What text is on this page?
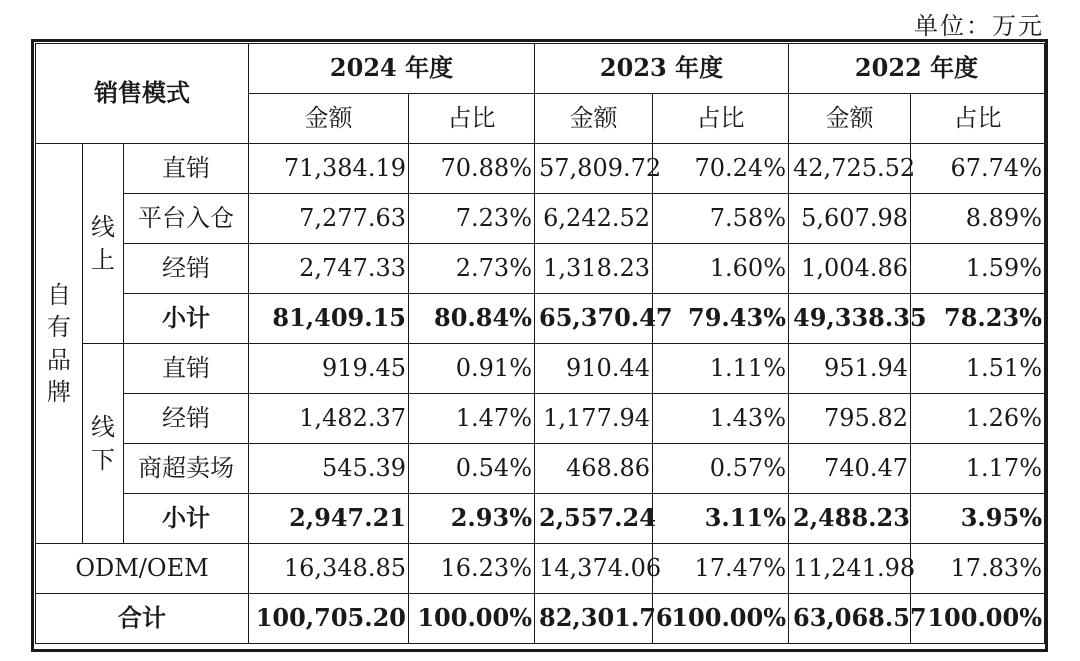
单位：万元
销售模式			2024 年度		2023 年度		2022 年度	
			金额	占比	金额	占比	金额	占比
自有品牌	线上	直销	71,384.19	70.88%	57,809.72	70.24%	42,725.52	67.74%
		平台入仓	7,277.63	7.23%	6,242.52	7.58%	5,607.98	8.89%
		经销	2,747.33	2.73%	1,318.23	1.60%	1,004.86	1.59%
		小计	81,409.15	80.84%	65,370.47	79.43%	49,338.35	78.23%
	线下	直销	919.45	0.91%	910.44	1.11%	951.94	1.51%
		经销	1,482.37	1.47%	1,177.94	1.43%	795.82	1.26%
		商超卖场	545.39	0.54%	468.86	0.57%	740.47	1.17%
		小计	2,947.21	2.93%	2,557.24	3.11%	2,488.23	3.95%
ODM/OEM			16,348.85	16.23%	14,374.06	17.47%	11,241.98	17.83%
合计			100,705.20	100.00%	82,301.76	100.00%	63,068.57	100.00%
